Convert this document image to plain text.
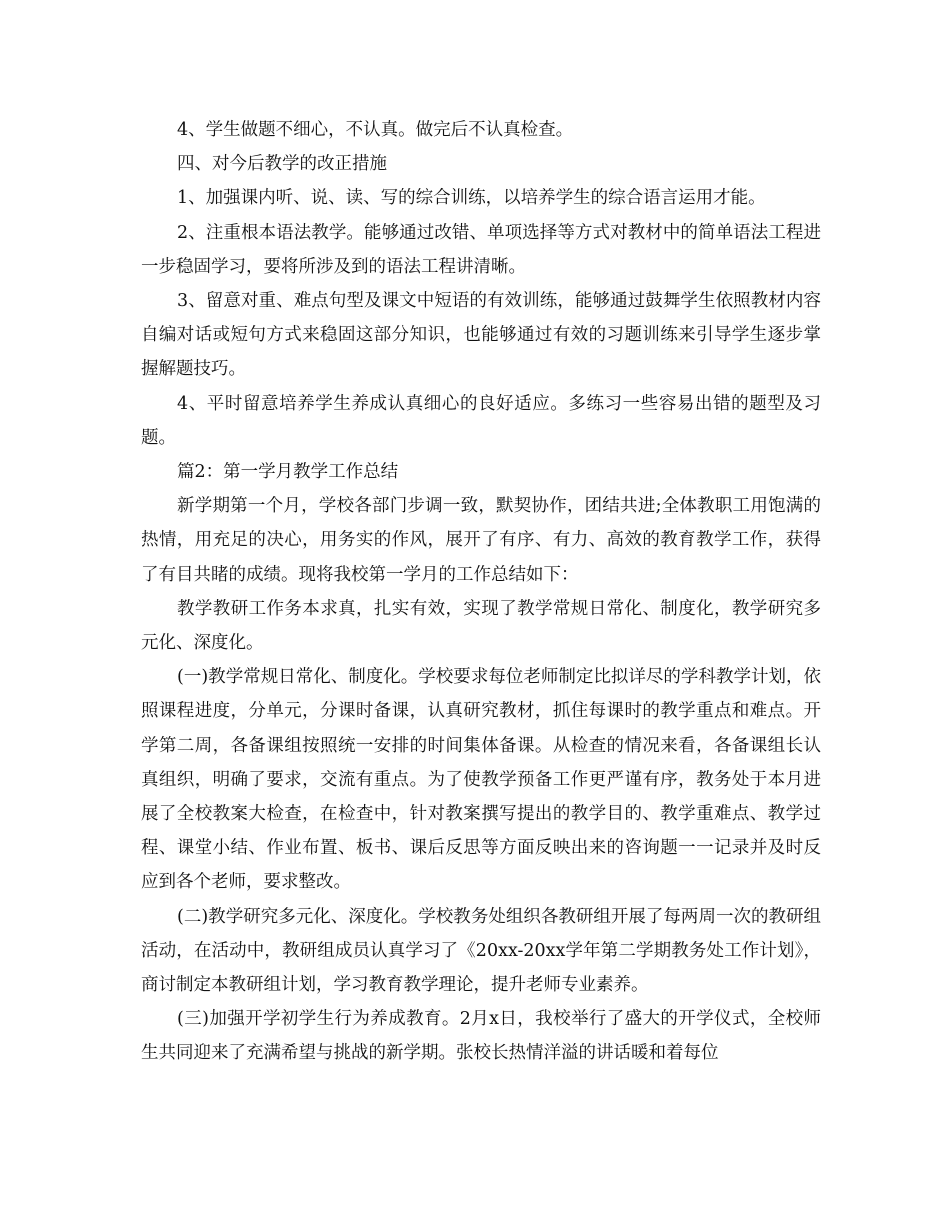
4、学生做题不细心，不认真。做完后不认真检查。

四、对今后教学的改正措施

1、加强课内听、说、读、写的综合训练，以培养学生的综合语言运用才能。

2、注重根本语法教学。能够通过改错、单项选择等方式对教材中的简单语法工程进一步稳固学习，要将所涉及到的语法工程讲清晰。

3、留意对重、难点句型及课文中短语的有效训练，能够通过鼓舞学生依照教材内容自编对话或短句方式来稳固这部分知识，也能够通过有效的习题训练来引导学生逐步掌握解题技巧。

4、平时留意培养学生养成认真细心的良好适应。多练习一些容易出错的题型及习题。

篇2：第一学月教学工作总结

新学期第一个月，学校各部门步调一致，默契协作，团结共进;全体教职工用饱满的热情，用充足的决心，用务实的作风，展开了有序、有力、高效的教育教学工作，获得了有目共睹的成绩。现将我校第一学月的工作总结如下：

教学教研工作务本求真，扎实有效，实现了教学常规日常化、制度化，教学研究多元化、深度化。

(一)教学常规日常化、制度化。学校要求每位老师制定比拟详尽的学科教学计划，依照课程进度，分单元，分课时备课，认真研究教材，抓住每课时的教学重点和难点。开学第二周，各备课组按照统一安排的时间集体备课。从检查的情况来看，各备课组长认真组织，明确了要求，交流有重点。为了使教学预备工作更严谨有序，教务处于本月进展了全校教案大检查，在检查中，针对教案撰写提出的教学目的、教学重难点、教学过程、课堂小结、作业布置、板书、课后反思等方面反映出来的咨询题一一记录并及时反应到各个老师，要求整改。

(二)教学研究多元化、深度化。学校教务处组织各教研组开展了每两周一次的教研组活动，在活动中，教研组成员认真学习了《20xx-20xx学年第二学期教务处工作计划》，商讨制定本教研组计划，学习教育教学理论，提升老师专业素养。

(三)加强开学初学生行为养成教育。2月x日，我校举行了盛大的开学仪式，全校师生共同迎来了充满希望与挑战的新学期。张校长热情洋溢的讲话暖和着每位
